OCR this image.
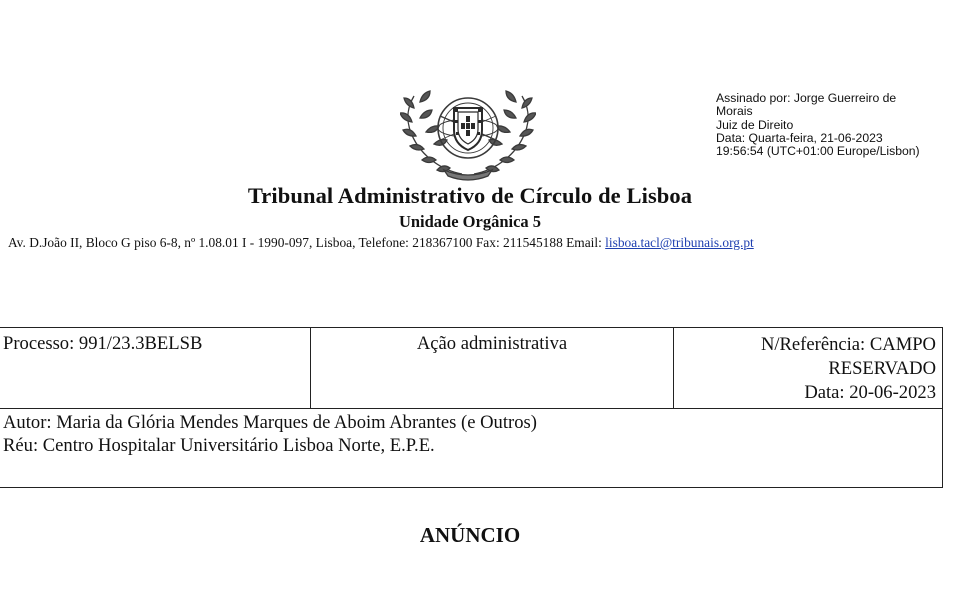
Assinado por: Jorge Guerreiro de
Morais
Juiz de Direito
Data: Quarta-feira, 21-06-2023
19:56:54 (UTC+01:00 Europe/Lisbon)
Tribunal Administrativo de Círculo de Lisboa
Unidade Orgânica 5
Av. D.João II, Bloco G piso 6-8, nº 1.08.01 I - 1990-097, Lisboa, Telefone: 218367100 Fax: 211545188 Email: lisboa.tacl@tribunais.org.pt
Processo: 991/23.3BELSB	Ação administrativa	N/Referência: CAMPO
RESERVADO
Data: 20-06-2023
Autor: Maria da Glória Mendes Marques de Aboim Abrantes (e Outros)
Réu: Centro Hospitalar Universitário Lisboa Norte, E.P.E.
ANÚNCIO
